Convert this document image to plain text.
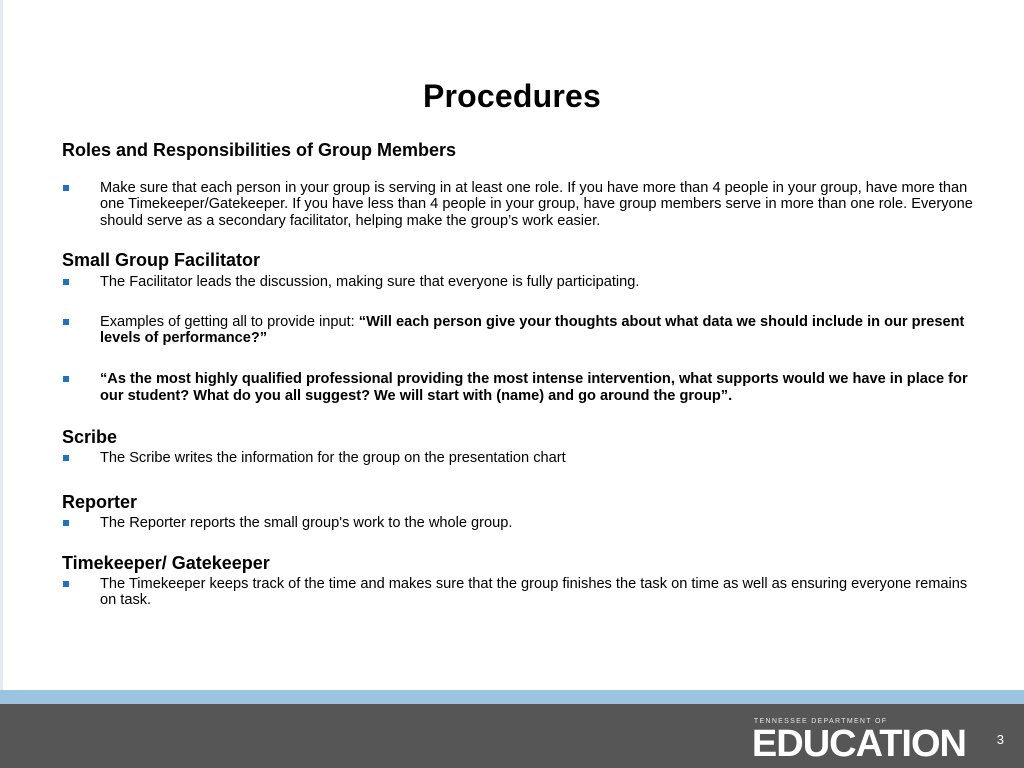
Procedures
Roles and Responsibilities of Group Members
Make sure that each person in your group is serving in at least one role. If you have more than 4 people in your group, have more than one Timekeeper/Gatekeeper. If you have less than 4 people in your group, have group members serve in more than one role. Everyone should serve as a secondary facilitator, helping make the group’s work easier.
Small Group Facilitator
The Facilitator leads the discussion, making sure that everyone is fully participating.
Examples of getting all to provide input: “Will each person give your thoughts about what data we should include in our present levels of performance?”
“As the most highly qualified professional providing the most intense intervention, what supports would we have in place for our student? What do you all suggest? We will start with (name) and go around the group”.
Scribe
The Scribe writes the information for the group on the presentation chart
Reporter
The Reporter reports the small group's work to the whole group.
Timekeeper/ Gatekeeper
The Timekeeper keeps track of the time and makes sure that the group finishes the task on time as well as ensuring everyone remains on task.
TENNESSEE DEPARTMENT OF
EDUCATION 3
